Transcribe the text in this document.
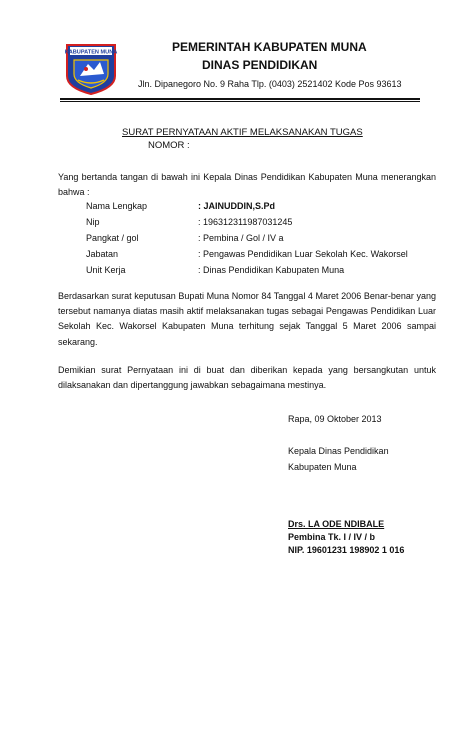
KABUPATEN MUNA	PEMERINTAH KABUPATEN MUNA
DINAS PENDIDIKAN
Jln. Dipanegoro No. 9 Raha Tlp. (0403) 2521402 Kode Pos 93613
SURAT PERNYATAAN AKTIF MELAKSANAKAN TUGAS
NOMOR :
Yang bertanda tangan di bawah ini Kepala Dinas Pendidikan Kabupaten Muna menerangkan bahwa :
Nama Lengkap	: JAINUDDIN,S.Pd
Nip	: 196312311987031245
Pangkat / gol	: Pembina / Gol / IV a
Jabatan	: Pengawas Pendidikan Luar Sekolah Kec. Wakorsel
Unit Kerja	: Dinas Pendidikan Kabupaten Muna
Berdasarkan surat keputusan Bupati Muna Nomor 84 Tanggal 4 Maret 2006 Benar-benar yang tersebut namanya diatas masih aktif melaksanakan tugas sebagai Pengawas Pendidikan Luar Sekolah Kec. Wakorsel Kabupaten Muna terhitung sejak Tanggal 5 Maret 2006 sampai sekarang.
Demikian surat Pernyataan ini di buat dan diberikan kepada yang bersangkutan untuk dilaksanakan dan dipertanggung jawabkan sebagaimana mestinya.
Rapa, 09 Oktober 2013
Kepala Dinas Pendidikan
Kabupaten Muna
Drs. LA ODE NDIBALE
Pembina Tk. I / IV / b
NIP. 19601231 198902 1 016
